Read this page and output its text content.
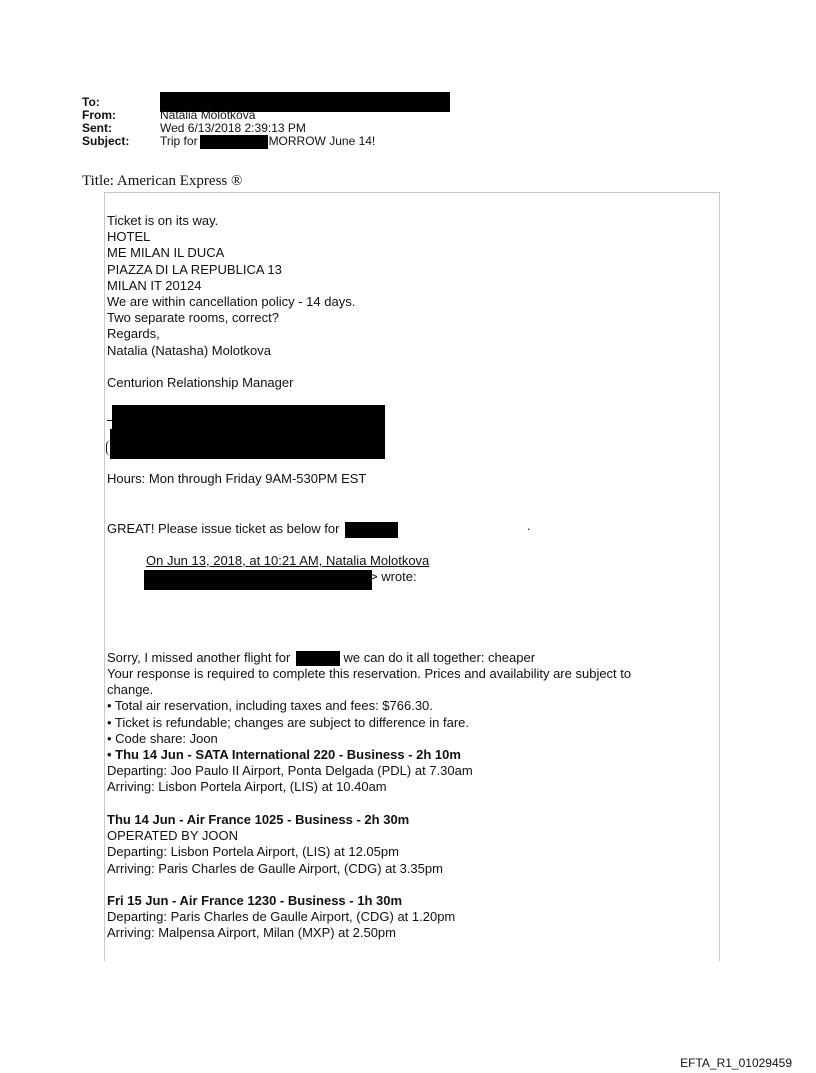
To:
From:	Natalia Molotkova
Sent:	Wed 6/13/2018 2:39:13 PM
Subject:	Trip for	MORROW June 14!
Title: American Express ®
Ticket is on its way.
HOTEL
ME MILAN IL DUCA
PIAZZA DI LA REPUBLICA 13
MILAN IT 20124
We are within cancellation policy - 14 days.
Two separate rooms, correct?
Regards,
Natalia (Natasha) Molotkova
Centurion Relationship Manager
Hours: Mon through Friday 9AM-530PM EST
GREAT! Please issue ticket as below for	.
On Jun 13, 2018, at 10:21 AM, Natalia Molotkova
> wrote:
Sorry, I missed another flight for	we can do it all together: cheaper
Your response is required to complete this reservation. Prices and availability are subject to
change.
• Total air reservation, including taxes and fees: $766.30.
• Ticket is refundable; changes are subject to difference in fare.
• Code share: Joon
• Thu 14 Jun - SATA International 220 - Business - 2h 10m
Departing: Joo Paulo II Airport, Ponta Delgada (PDL) at 7.30am
Arriving: Lisbon Portela Airport, (LIS) at 10.40am
Thu 14 Jun - Air France 1025 - Business - 2h 30m
OPERATED BY JOON
Departing: Lisbon Portela Airport, (LIS) at 12.05pm
Arriving: Paris Charles de Gaulle Airport, (CDG) at 3.35pm
Fri 15 Jun - Air France 1230 - Business - 1h 30m
Departing: Paris Charles de Gaulle Airport, (CDG) at 1.20pm
Arriving: Malpensa Airport, Milan (MXP) at 2.50pm
EFTA_R1_01029459
